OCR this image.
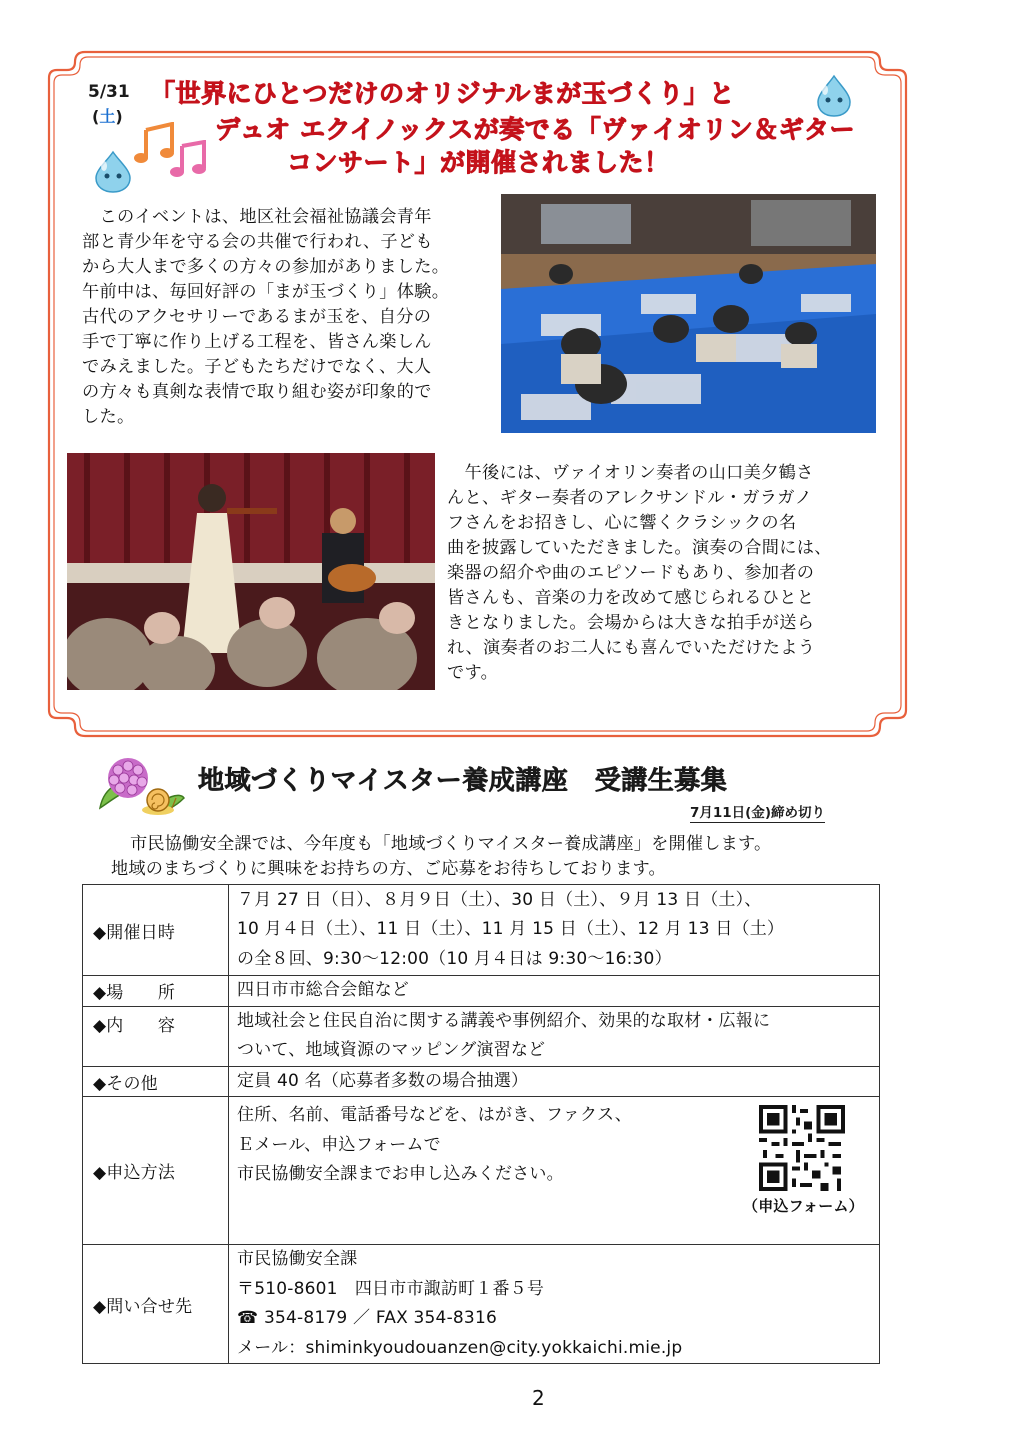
5/31
(土)
「世界にひとつだけのオリジナルまが玉づくり」と
デュオ エクイノックスが奏でる「ヴァイオリン＆ギター
コンサート」が開催されました！
　このイベントは、地区社会福祉協議会青年
部と青少年を守る会の共催で行われ、子ども
から大人まで多くの方々の参加がありました。
午前中は、毎回好評の「まが玉づくり」体験。
古代のアクセサリーであるまが玉を、自分の
手で丁寧に作り上げる工程を、皆さん楽しん
でみえました。子どもたちだけでなく、大人
の方々も真剣な表情で取り組む姿が印象的で
した。
　午後には、ヴァイオリン奏者の山口美夕鶴さ
んと、ギター奏者のアレクサンドル・ガラガノ
フさんをお招きし、心に響くクラシックの名
曲を披露していただきました。演奏の合間には、
楽器の紹介や曲のエピソードもあり、参加者の
皆さんも、音楽の力を改めて感じられるひとと
きとなりました。会場からは大きな拍手が送ら
れ、演奏者のお二人にも喜んでいただけたよう
です。
地域づくりマイスター養成講座　受講生募集
7月11日(金)締め切り
市民協働安全課では、今年度も「地域づくりマイスター養成講座」を開催します。
地域のまちづくりに興味をお持ちの方、ご応募をお待ちしております。
◆開催日時	７月 27 日（日）、８月９日（土）、30 日（土）、９月 13 日（土）、
10 月４日（土）、11 日（土）、11 月 15 日（土）、12 月 13 日（土）
の全８回、9:30～12:00（10 月４日は 9:30～16:30）
◆場　　所	四日市市総合会館など
◆内　　容	地域社会と住民自治に関する講義や事例紹介、効果的な取材・広報に
ついて、地域資源のマッピング演習など
◆その他	定員 40 名（応募者多数の場合抽選）
◆申込方法	住所、名前、電話番号などを、はがき、ファクス、
Ｅメール、申込フォームで
市民協働安全課までお申し込みください。
（申込フォーム）

◆問い合せ先	市民協働安全課
〒510-8601　四日市市諏訪町１番５号
☎ 354-8179 ／ FAX 354-8316
メール：shiminkyoudouanzen@city.yokkaichi.mie.jp
2
